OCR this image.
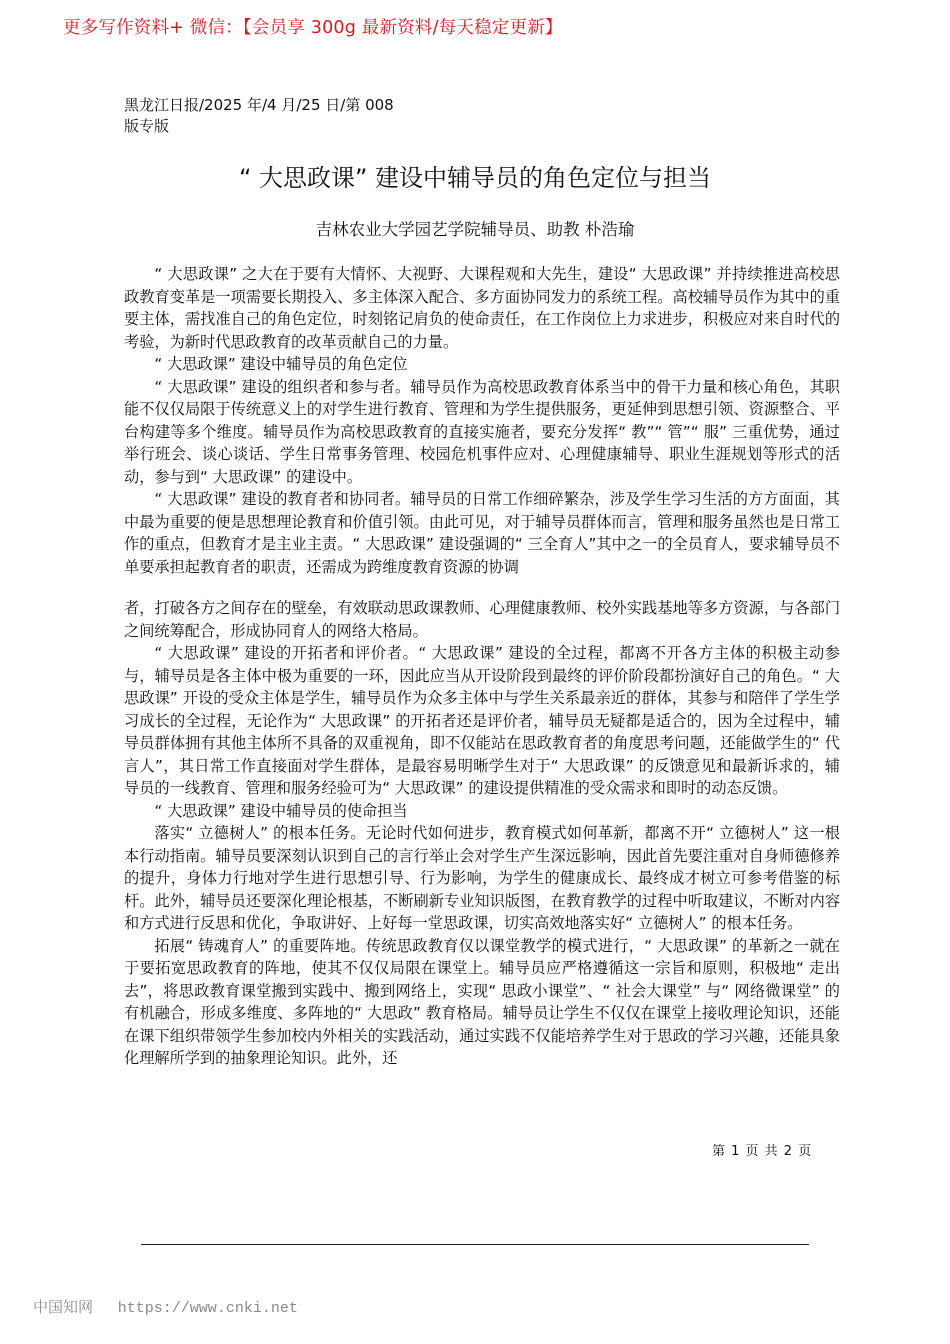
更多写作资料+ 微信：【会员享 300g 最新资料/每天稳定更新】
黑龙江日报/2025 年/4 月/25 日/第 008
版专版
“ 大思政课” 建设中辅导员的角色定位与担当
吉林农业大学园艺学院辅导员、助教 朴浩瑜

“ 大思政课” 之大在于要有大情怀、大视野、大课程观和大先生，建设“ 大思政课” 并持续推进高校思政教育变革是一项需要长期投入、多主体深入配合、多方面协同发力的系统工程。高校辅导员作为其中的重要主体，需找准自己的角色定位，时刻铭记肩负的使命责任，在工作岗位上力求进步，积极应对来自时代的考验，为新时代思政教育的改革贡献自己的力量。

“ 大思政课” 建设中辅导员的角色定位

“ 大思政课” 建设的组织者和参与者。辅导员作为高校思政教育体系当中的骨干力量和核心角色，其职能不仅仅局限于传统意义上的对学生进行教育、管理和为学生提供服务，更延伸到思想引领、资源整合、平台构建等多个维度。辅导员作为高校思政教育的直接实施者，要充分发挥“ 教”“ 管”“ 服” 三重优势，通过举行班会、谈心谈话、学生日常事务管理、校园危机事件应对、心理健康辅导、职业生涯规划等形式的活动，参与到“ 大思政课” 的建设中。

“ 大思政课” 建设的教育者和协同者。辅导员的日常工作细碎繁杂，涉及学生学习生活的方方面面，其中最为重要的便是思想理论教育和价值引领。由此可见，对于辅导员群体而言，管理和服务虽然也是日常工作的重点，但教育才是主业主责。“ 大思政课” 建设强调的“ 三全育人”其中之一的全员育人，要求辅导员不单要承担起教育者的职责，还需成为跨维度教育资源的协调

者，打破各方之间存在的壁垒，有效联动思政课教师、心理健康教师、校外实践基地等多方资源，与各部门之间统筹配合，形成协同育人的网络大格局。

“ 大思政课” 建设的开拓者和评价者。“ 大思政课” 建设的全过程，都离不开各方主体的积极主动参与，辅导员是各主体中极为重要的一环，因此应当从开设阶段到最终的评价阶段都扮演好自己的角色。“ 大思政课” 开设的受众主体是学生，辅导员作为众多主体中与学生关系最亲近的群体，其参与和陪伴了学生学习成长的全过程，无论作为“ 大思政课” 的开拓者还是评价者，辅导员无疑都是适合的，因为全过程中，辅导员群体拥有其他主体所不具备的双重视角，即不仅能站在思政教育者的角度思考问题，还能做学生的“ 代言人”，其日常工作直接面对学生群体，是最容易明晰学生对于“ 大思政课” 的反馈意见和最新诉求的，辅导员的一线教育、管理和服务经验可为“ 大思政课” 的建设提供精准的受众需求和即时的动态反馈。

“ 大思政课” 建设中辅导员的使命担当

落实“ 立德树人” 的根本任务。无论时代如何进步，教育模式如何革新，都离不开“ 立德树人” 这一根本行动指南。辅导员要深刻认识到自己的言行举止会对学生产生深远影响，因此首先要注重对自身师德修养的提升，身体力行地对学生进行思想引导、行为影响，为学生的健康成长、最终成才树立可参考借鉴的标杆。此外，辅导员还要深化理论根基，不断刷新专业知识版图，在教育教学的过程中听取建议，不断对内容和方式进行反思和优化，争取讲好、上好每一堂思政课，切实高效地落实好“ 立德树人” 的根本任务。

拓展“ 铸魂育人” 的重要阵地。传统思政教育仅以课堂教学的模式进行，“ 大思政课” 的革新之一就在于要拓宽思政教育的阵地，使其不仅仅局限在课堂上。辅导员应严格遵循这一宗旨和原则，积极地“ 走出去”，将思政教育课堂搬到实践中、搬到网络上，实现“ 思政小课堂”、“ 社会大课堂” 与“ 网络微课堂” 的有机融合，形成多维度、多阵地的“ 大思政” 教育格局。辅导员让学生不仅仅在课堂上接收理论知识，还能在课下组织带领学生参加校内外相关的实践活动，通过实践不仅能培养学生对于思政的学习兴趣，还能具象化理解所学到的抽象理论知识。此外，还

第 1 页 共 2 页
中国知网 https://www.cnki.net
